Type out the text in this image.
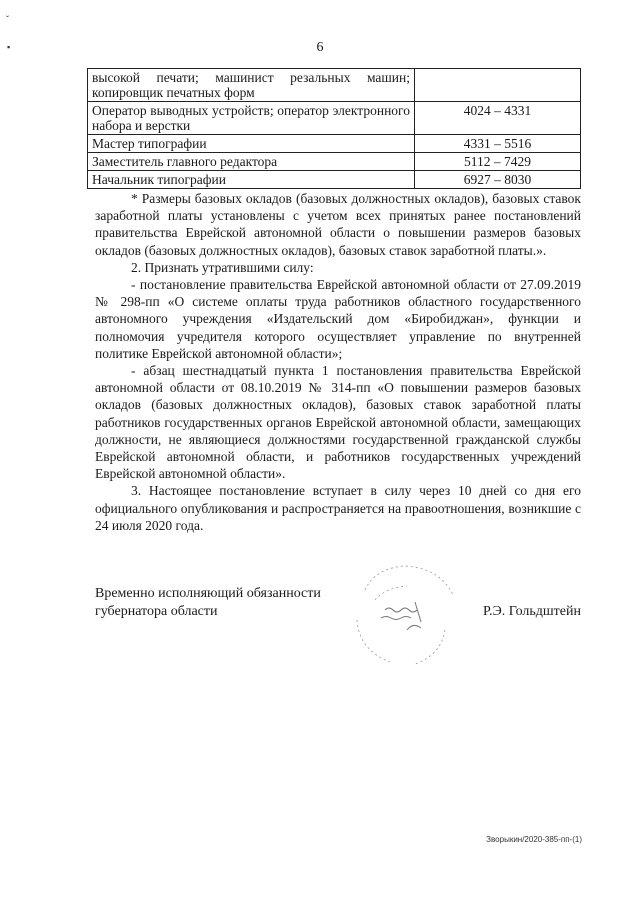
ˇ
▪	6
высокой печати; машинист резальных машин; копировщик печатных форм	
Оператор выводных устройств; оператор электронного набора и верстки	4024 – 4331
Мастер типографии	4331 – 5516
Заместитель главного редактора	5112 – 7429
Начальник типографии	6927 – 8030

* Размеры базовых окладов (базовых должностных окладов), базовых ставок заработной платы установлены с учетом всех принятых ранее постановлений правительства Еврейской автономной области о повышении размеров базовых окладов (базовых должностных окладов), базовых ставок заработной платы.».

2. Признать утратившими силу:

- постановление правительства Еврейской автономной области от 27.09.2019 № 298-пп «О системе оплаты труда работников областного государственного автономного учреждения «Издательский дом «Биробиджан», функции и полномочия учредителя которого осуществляет управление по внутренней политике Еврейской автономной области»;

- абзац шестнадцатый пункта 1 постановления правительства Еврейской автономной области от 08.10.2019 № 314-пп «О повышении размеров базовых окладов (базовых должностных окладов), базовых ставок заработной платы работников государственных органов Еврейской автономной области, замещающих должности, не являющиеся должностями государственной гражданской службы Еврейской автономной области, и работников государственных учреждений Еврейской автономной области».

3. Настоящее постановление вступает в силу через 10 дней со дня его официального опубликования и распространяется на правоотношения, возникшие с 24 июля 2020 года.

Временно исполняющий обязанности
губернатора области	Р.Э. Гольдштейн
Зворыкин/2020-385-пп-(1)
